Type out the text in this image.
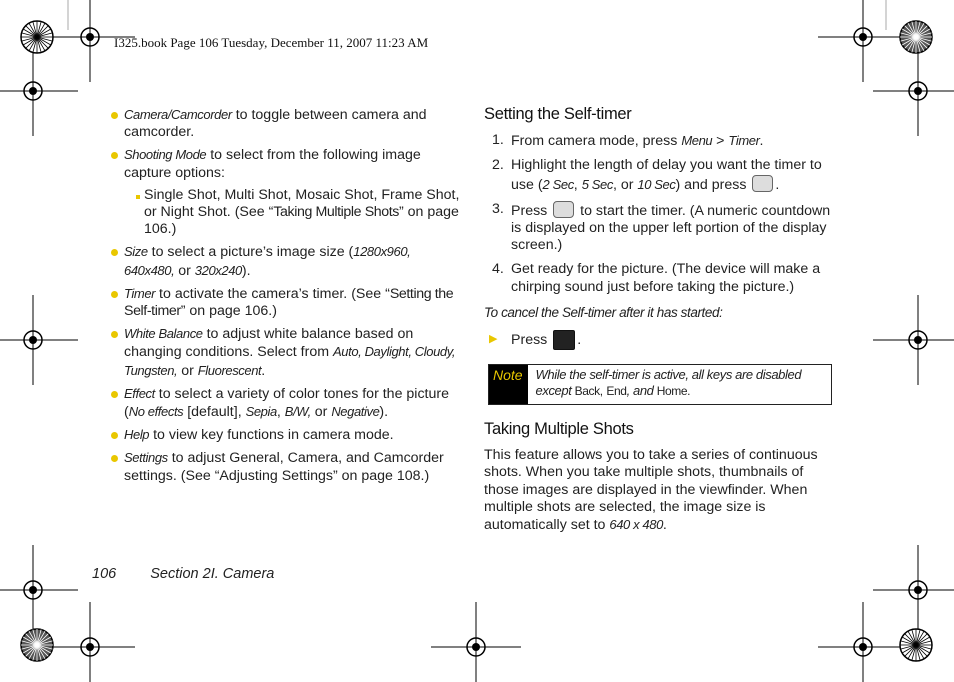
I325.book Page 106 Tuesday, December 11, 2007 11:23 AM
Camera/Camcorder to toggle between camera and camcorder.
Shooting Mode to select from the following image capture options:
Single Shot, Multi Shot, Mosaic Shot, Frame Shot, or Night Shot. (See “Taking Multiple Shots” on page 106.)
Size to select a picture’s image size (1280x960, 640x480, or 320x240).
Timer to activate the camera’s timer. (See “Setting the Self-timer” on page 106.)
White Balance to adjust white balance based on changing conditions. Select from Auto, Daylight, Cloudy, Tungsten, or Fluorescent.
Effect to select a variety of color tones for the picture (No effects [default], Sepia, B/W, or Negative).
Help to view key functions in camera mode.
Settings to adjust General, Camera, and Camcorder settings. (See “Adjusting Settings” on page 108.)
Setting the Self-timer
1. From camera mode, press Menu > Timer.
2. Highlight the length of delay you want the timer to use (2 Sec, 5 Sec, or 10 Sec) and press .
3. Press  to start the timer. (A numeric countdown is displayed on the upper left portion of the display screen.)
4. Get ready for the picture. (The device will make a chirping sound just before taking the picture.)
To cancel the Self-timer after it has started:
▶ Press .
Note While the self-timer is active, all keys are disabled except Back, End, and Home.
Taking Multiple Shots
This feature allows you to take a series of continuous shots. When you take multiple shots, thumbnails of those images are displayed in the viewfinder. When multiple shots are selected, the image size is automatically set to 640 x 480.
106 Section 2I. Camera
